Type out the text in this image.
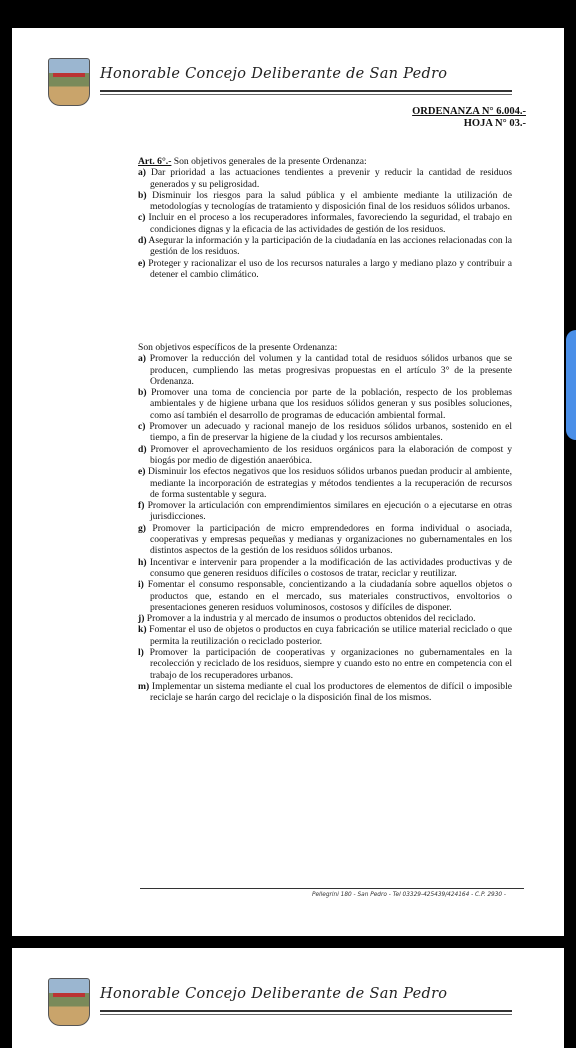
Honorable Concejo Deliberante de San Pedro
ORDENANZA N° 6.004.-
HOJA N° 03.-

Art. 6°.- Son objetivos generales de la presente Ordenanza:

a) Dar prioridad a las actuaciones tendientes a prevenir y reducir la cantidad de residuos generados y su peligrosidad.

b) Disminuir los riesgos para la salud pública y el ambiente mediante la utilización de metodologías y tecnologías de tratamiento y disposición final de los residuos sólidos urbanos.

c) Incluir en el proceso a los recuperadores informales, favoreciendo la seguridad, el trabajo en condiciones dignas y la eficacia de las actividades de gestión de los residuos.

d) Asegurar la información y la participación de la ciudadanía en las acciones relacionadas con la gestión de los residuos.

e) Proteger y racionalizar el uso de los recursos naturales a largo y mediano plazo y contribuir a detener el cambio climático.

Son objetivos específicos de la presente Ordenanza:

a) Promover la reducción del volumen y la cantidad total de residuos sólidos urbanos que se producen, cumpliendo las metas progresivas propuestas en el artículo 3° de la presente Ordenanza.

b) Promover una toma de conciencia por parte de la población, respecto de los problemas ambientales y de higiene urbana que los residuos sólidos generan y sus posibles soluciones, como así también el desarrollo de programas de educación ambiental formal.

c) Promover un adecuado y racional manejo de los residuos sólidos urbanos, sostenido en el tiempo, a fin de preservar la higiene de la ciudad y los recursos ambientales.

d) Promover el aprovechamiento de los residuos orgánicos para la elaboración de compost y biogás por medio de digestión anaeróbica.

e) Disminuir los efectos negativos que los residuos sólidos urbanos puedan producir al ambiente, mediante la incorporación de estrategias y métodos tendientes a la recuperación de recursos de forma sustentable y segura.

f) Promover la articulación con emprendimientos similares en ejecución o a ejecutarse en otras jurisdicciones.

g) Promover la participación de micro emprendedores en forma individual o asociada, cooperativas y empresas pequeñas y medianas y organizaciones no gubernamentales en los distintos aspectos de la gestión de los residuos sólidos urbanos.

h) Incentivar e intervenir para propender a la modificación de las actividades productivas y de consumo que generen residuos difíciles o costosos de tratar, reciclar y reutilizar.

i) Fomentar el consumo responsable, concientizando a la ciudadanía sobre aquellos objetos o productos que, estando en el mercado, sus materiales constructivos, envoltorios o presentaciones generen residuos voluminosos, costosos y difíciles de disponer.

j) Promover a la industria y al mercado de insumos o productos obtenidos del reciclado.

k) Fomentar el uso de objetos o productos en cuya fabricación se utilice material reciclado o que permita la reutilización o reciclado posterior.

l) Promover la participación de cooperativas y organizaciones no gubernamentales en la recolección y reciclado de los residuos, siempre y cuando esto no entre en competencia con el trabajo de los recuperadores urbanos.

m) Implementar un sistema mediante el cual los productores de elementos de difícil o imposible reciclaje se harán cargo del reciclaje o la disposición final de los mismos.

Pellegrini 180 - San Pedro - Tel 03329-425439/424164 - C.P. 2930 -
Honorable Concejo Deliberante de San Pedro
